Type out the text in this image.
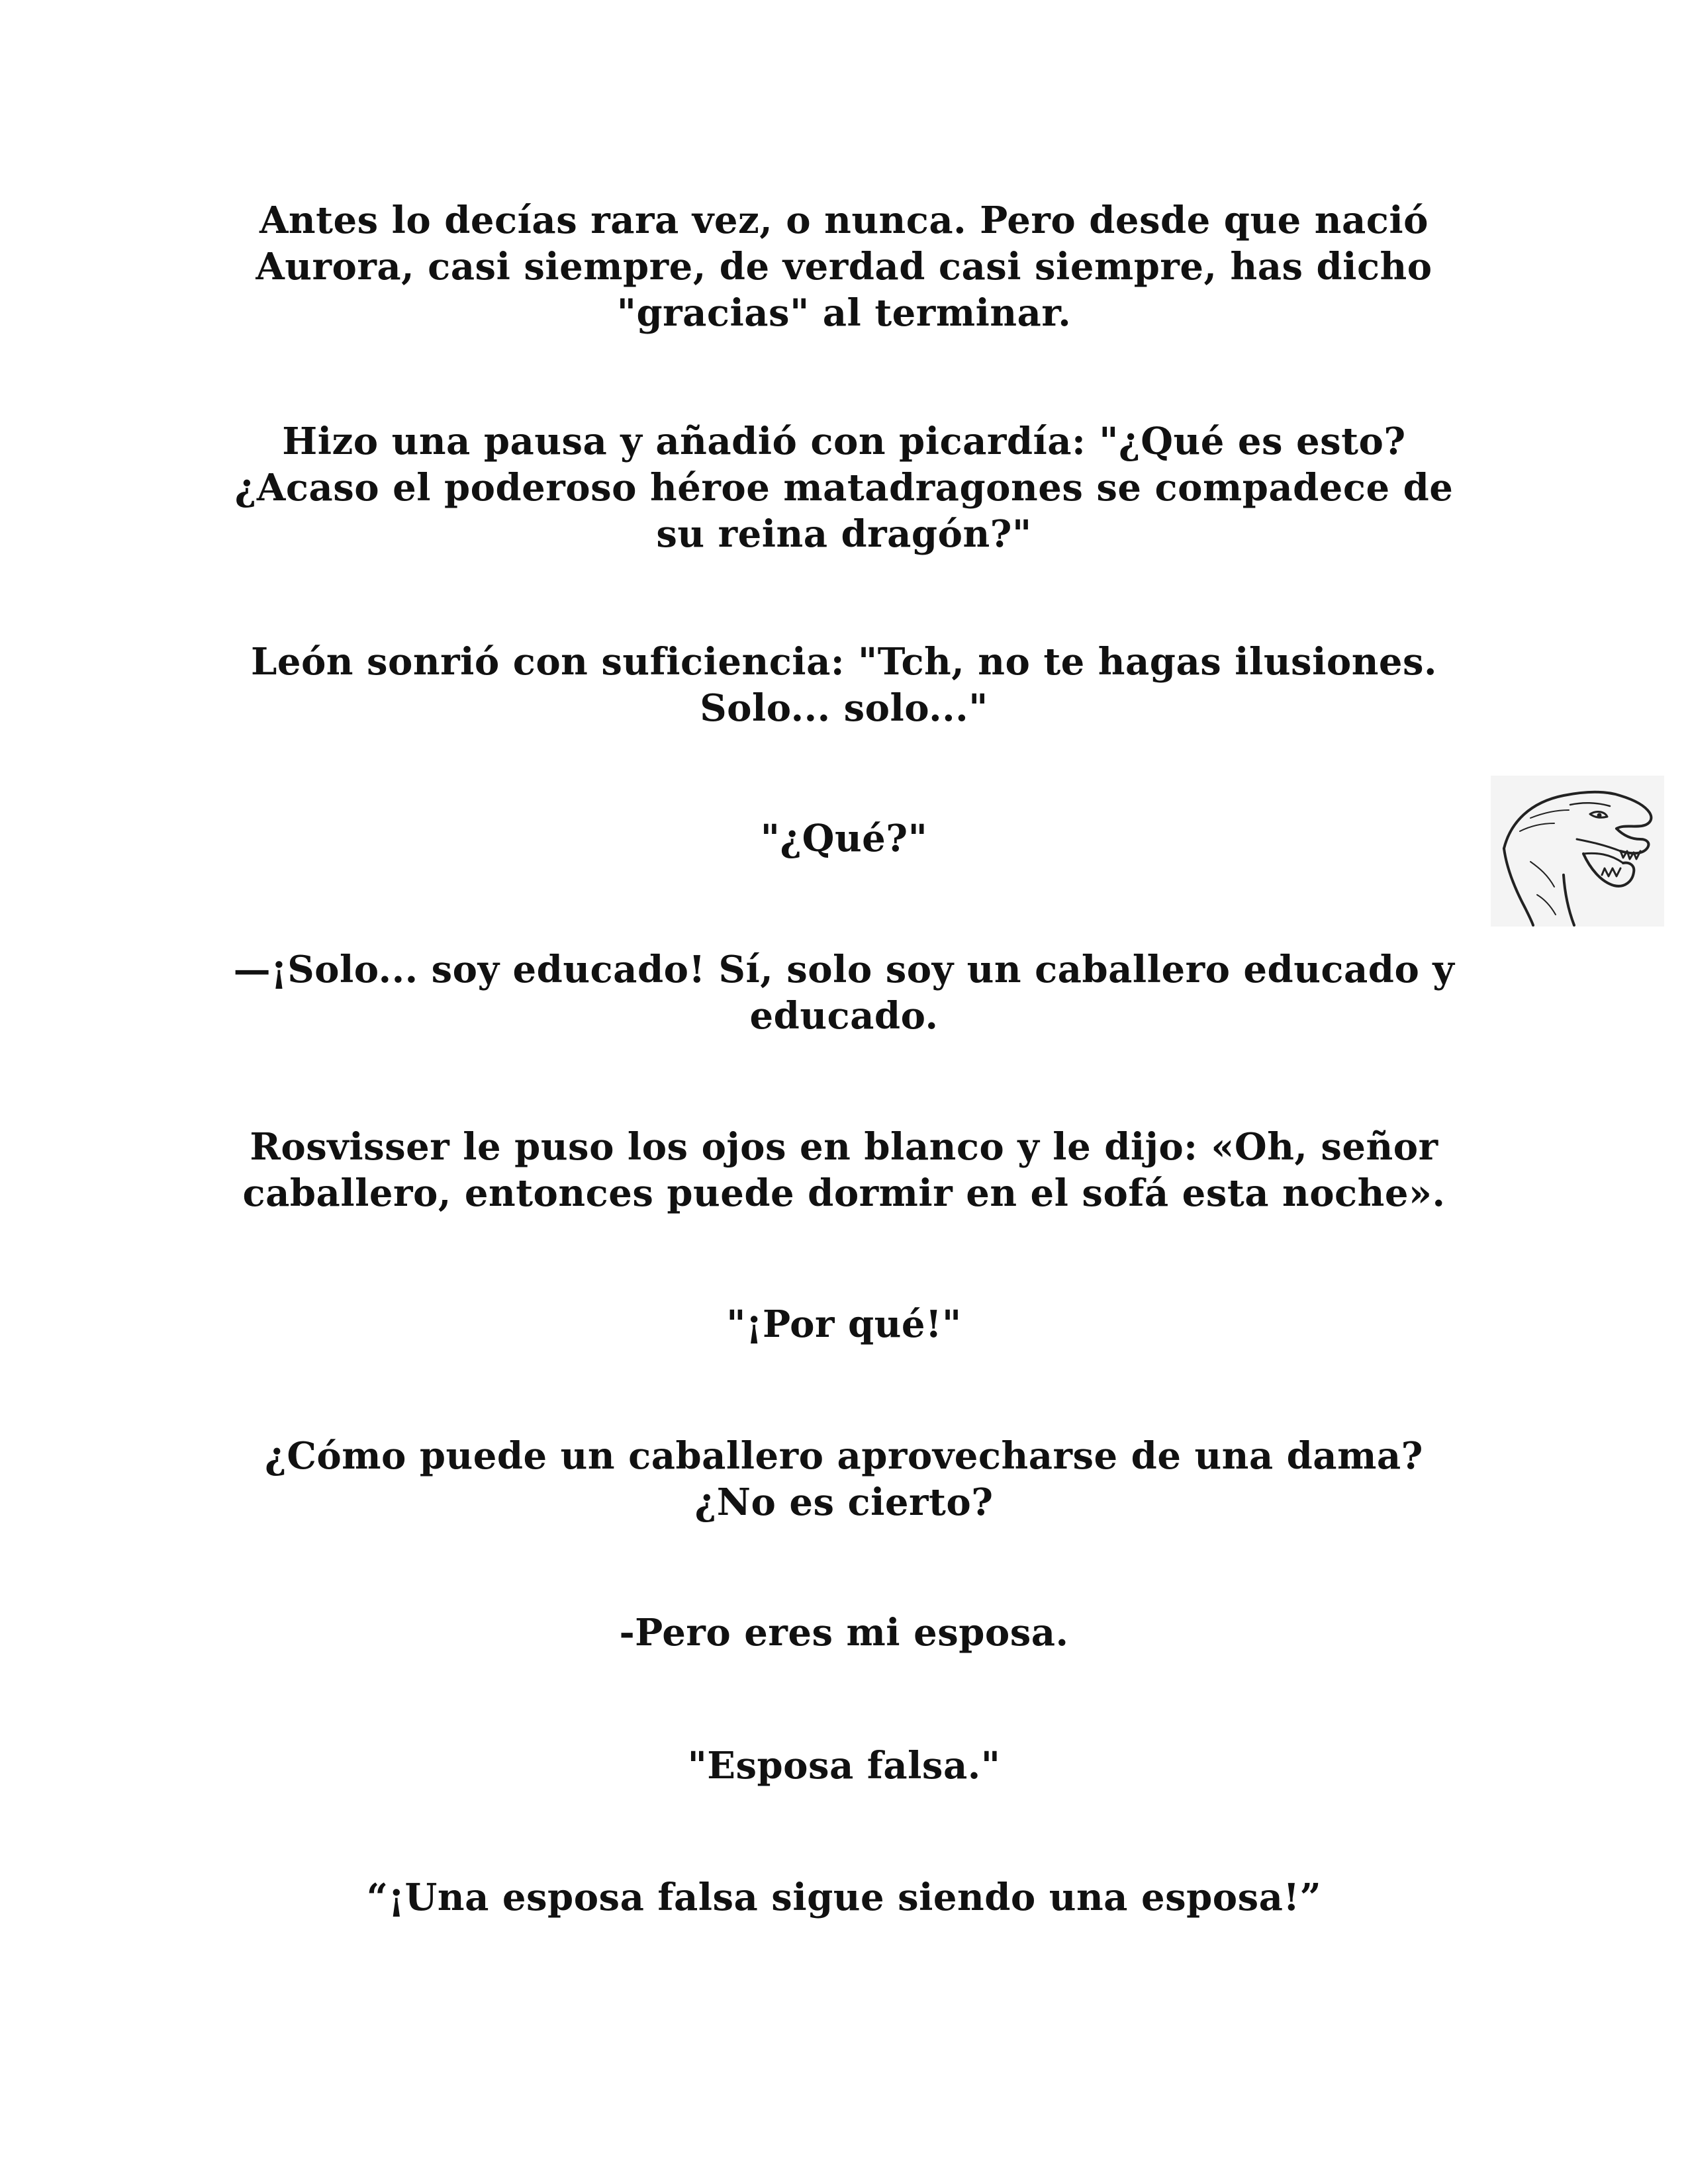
Antes lo decías rara vez, o nunca. Pero desde que nació Aurora, casi siempre, de verdad casi siempre, has dicho "gracias" al terminar.

Hizo una pausa y añadió con picardía: "¿Qué es esto? ¿Acaso el poderoso héroe matadragones se compadece de su reina dragón?"

León sonrió con suficiencia: "Tch, no te hagas ilusiones. Solo... solo..."

"¿Qué?"

—¡Solo... soy educado! Sí, solo soy un caballero educado y educado.

Rosvisser le puso los ojos en blanco y le dijo: «Oh, señor caballero, entonces puede dormir en el sofá esta noche».

"¡Por qué!"

¿Cómo puede un caballero aprovecharse de una dama? ¿No es cierto?

-Pero eres mi esposa.

"Esposa falsa."

“¡Una esposa falsa sigue siendo una esposa!”
